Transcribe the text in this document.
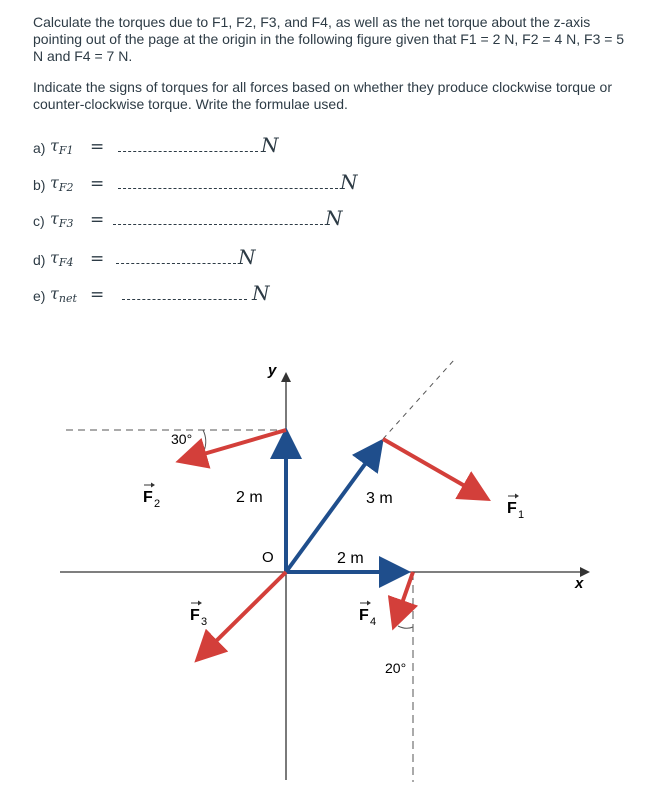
Calculate the torques due to F1, F2, F3, and F4, as well as the net torque about the z-axis pointing out of the page at the origin in the following figure given that F1 = 2 N, F2 = 4 N, F3 = 5 N and F4 = 7 N.

Indicate the signs of torques for all forces based on whether they produce clockwise torque or counter-clockwise torque. Write the formulae used.

a) $\tau_{F1}$ =	N
b) $\tau_{F2}$ =	N
c) $\tau_{F3}$ =	N
d) $\tau_{F4}$ =	N
e) $\tau_{net}$ =	N
y
x
O
30°
20°
2 m	3 m
2 m
F 2	F 1
F 3	F 4
